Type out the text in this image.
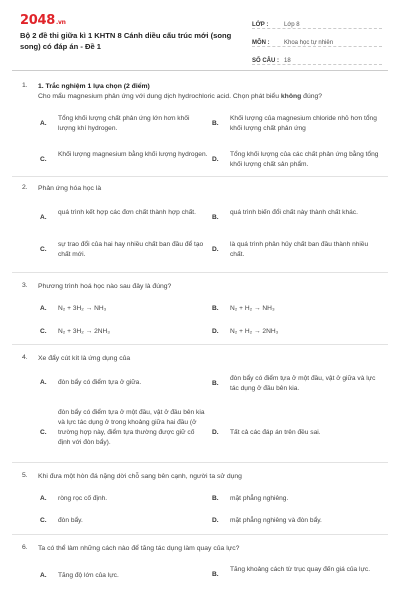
2048.vn
Bộ 2 đề thi giữa kì 1 KHTN 8 Cánh diều cấu trúc mới (song song) có đáp án - Đề 1
LỚP :	Lớp 8
MÔN :	Khoa học tự nhiên
SỐ CÂU : 18
1. 1. Trắc nghiệm 1 lựa chọn (2 điểm)
Cho mẩu magnesium phản ứng với dung dịch hydrochloric acid. Chọn phát biểu không đúng?
A.
Tổng khối lượng chất phản ứng lớn hơn khối lượng khí hydrogen.
B.
Khối lượng của magnesium chloride nhỏ hơn tổng khối lượng chất phản ứng
C.
Khối lượng magnesium bằng khối lượng hydrogen.
D.
Tổng khối lượng của các chất phản ứng bằng tổng khối lượng chất sản phẩm.
2. Phản ứng hóa học là
A.
quá trình kết hợp các đơn chất thành hợp chất.
B.
quá trình biến đổi chất này thành chất khác.
C.
sự trao đổi của hai hay nhiều chất ban đầu để tạo chất mới.
D.
là quá trình phân hủy chất ban đầu thành nhiều chất.
3. Phương trình hoá học nào sau đây là đúng?
A. N₂ + 3H₂ → NH₃	B. N₂ + H₂ → NH₃
C. N₂ + 3H₂ → 2NH₃	D. N₂ + H₂ → 2NH₃
4. Xe đẩy cút kít là ứng dụng của
A. đòn bẩy có điểm tựa ở giữa.	B.
đòn bẩy có điểm tựa ở một đầu, vật ở giữa và lực tác dụng ở đầu bên kia.
C.
đòn bẩy có điểm tựa ở một đầu, vật ở đầu bên kia và lực tác dụng ở trong khoảng giữa hai đầu (ở trường hợp này, điểm tựa thường được giữ cố định với đòn bẩy).
D. Tất cả các đáp án trên đều sai.
5. Khi đưa một hòn đá nặng dời chỗ sang bên cạnh, người ta sử dụng
A. ròng rọc cố định.	B. mặt phẳng nghiêng.
C. đòn bẩy.	D. mặt phẳng nghiêng và đòn bẩy.
6. Ta có thể làm những cách nào để tăng tác dụng làm quay của lực?
A. Tăng độ lớn của lực.	B.
Tăng khoảng cách từ trục quay đến giá của lực.
